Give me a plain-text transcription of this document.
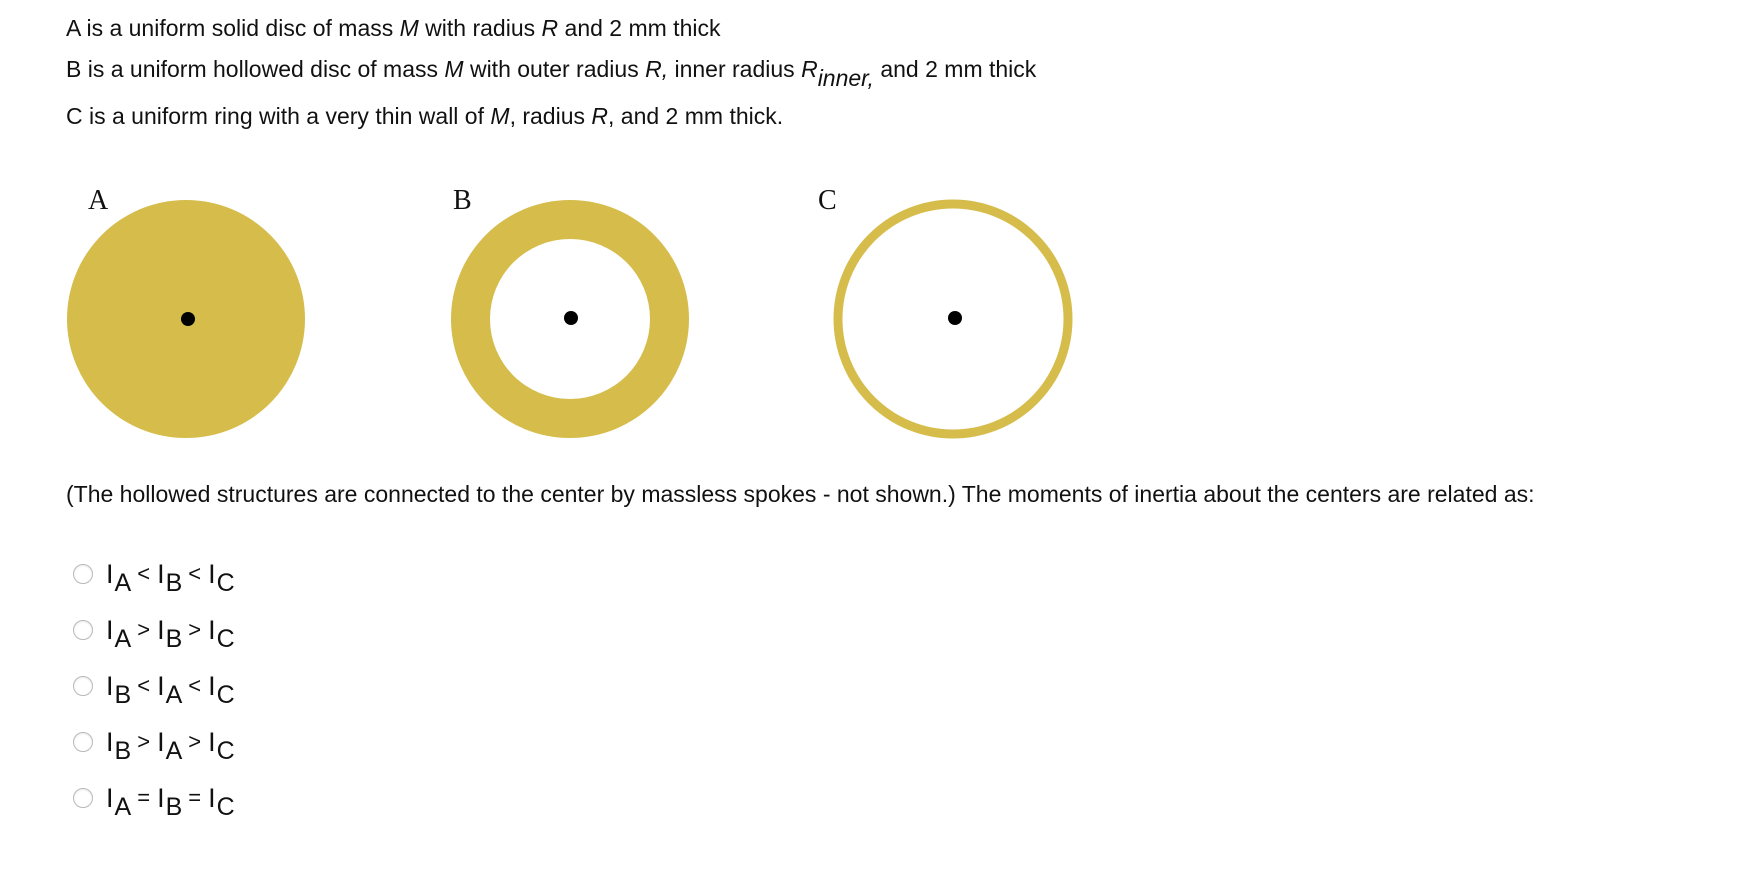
A is a uniform solid disc of mass M with radius R and 2 mm thick
B is a uniform hollowed disc of mass M with outer radius R, inner radius $R_{inner,}$ and 2 mm thick
C is a uniform ring with a very thin wall of M, radius R, and 2 mm thick.
A	B	C
(The hollowed structures are connected to the center by massless spokes - not shown.) The moments of inertia about the centers are related as:
I A < I B < I C
I A > I B > I C
I B < I A < I C
I B > I A > I C
I A = I B = I C
